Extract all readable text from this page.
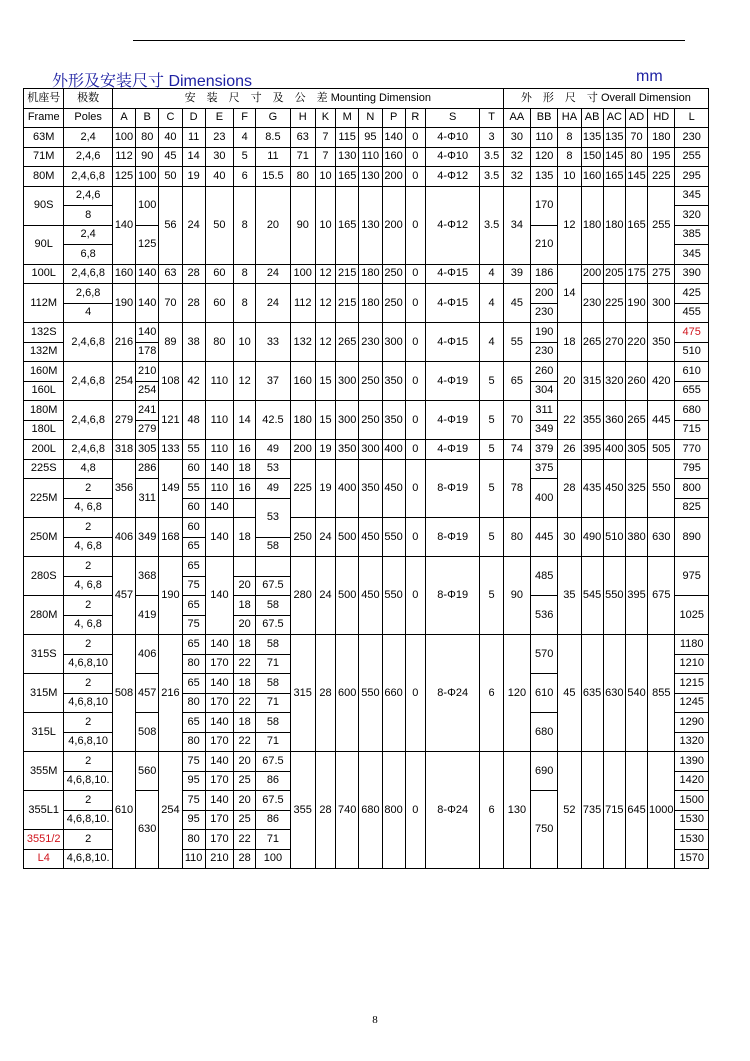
外形及安装尺寸 Dimensions	mm
机座号	极数	安　装　尺　寸　及　公　差 Mounting Dimension															外　形　尺　寸 Overall Dimension							
Frame	Poles	A	B	C	D	E	F	G	H	K	M	N	P	R	S	T	AA	BB	HA	AB	AC	AD	HD	L
63M	2,4	100	80	40	11	23	4	8.5	63	7	115	95	140	0	4-Φ10	3	30	110	8	135	135	70	180	230
71M	2,4,6	112	90	45	14	30	5	11	71	7	130	110	160	0	4-Φ10	3.5	32	120	8	150	145	80	195	255
80M	2,4,6,8	125	100	50	19	40	6	15.5	80	10	165	130	200	0	4-Φ12	3.5	32	135	10	160	165	145	225	295
90S	2,4,6	140	100	56	24	50	8	20	90	10	165	130	200	0	4-Φ12	3.5	34	170	12	180	180	165	255	345
	8																							320
90L	2,4		125															210						385
	6,8																							345
100L	2,4,6,8	160	140	63	28	60	8	24	100	12	215	180	250	0	4-Φ15	4	39	186	14	200	205	175	275	390
112M	2,6,8	190	140	70	28	60	8	24	112	12	215	180	250	0	4-Φ15	4	45	200		230	225	190	300	425
	4																	230						455
132S	2,4,6,8	216	140	89	38	80	10	33	132	12	265	230	300	0	4-Φ15	4	55	190	18	265	270	220	350	475
132M			178															230						510
160M	2,4,6,8	254	210	108	42	110	12	37	160	15	300	250	350	0	4-Φ19	5	65	260	20	315	320	260	420	610
160L			254															304						655
180M	2,4,6,8	279	241	121	48	110	14	42.5	180	15	300	250	350	0	4-Φ19	5	70	311	22	355	360	265	445	680
180L			279															349						715
200L	2,4,6,8	318	305	133	55	110	16	49	200	19	350	300	400	0	4-Φ19	5	74	379	26	395	400	305	505	770
225S	4,8	356	286	149	60	140	18	53	225	19	400	350	450	0	8-Φ19	5	78	375	28	435	450	325	550	795
225M	2		311		55	110	16	49										400						800
	4, 6,8				60	140		53																825
250M	2	406	349	168	60	140	18		250	24	500	450	550	0	8-Φ19	5	80	445	30	490	510	380	630	890
	4, 6,8				65			58																
280S	2	457	368	190	65	140			280	24	500	450	550	0	8-Φ19	5	90	485	35	545	550	395	675	975
	4, 6,8				75		20	67.5																
280M	2		419		65		18	58										536						1025
	4, 6,8				75		20	67.5																
315S	2	508	406	216	65	140	18	58	315	28	600	550	660	0	8-Φ24	6	120	570	45	635	630	540	855	1180
	4,6,8,10				80	170	22	71																1210
315M	2		457		65	140	18	58										610						1215
	4,6,8,10				80	170	22	71																1245
315L	2		508		65	140	18	58										680						1290
	4,6,8,10				80	170	22	71																1320
355M	2	610	560	254	75	140	20	67.5	355	28	740	680	800	0	8-Φ24	6	130	690	52	735	715	645	1000	1390
	4,6,8,10.				95	170	25	86																1420
355L1	2		630		75	140	20	67.5										750						1500
	4,6,8,10.				95	170	25	86																1530
3551/2	2				80	170	22	71																1530
L4	4,6,8,10.				110	210	28	100																1570
8
